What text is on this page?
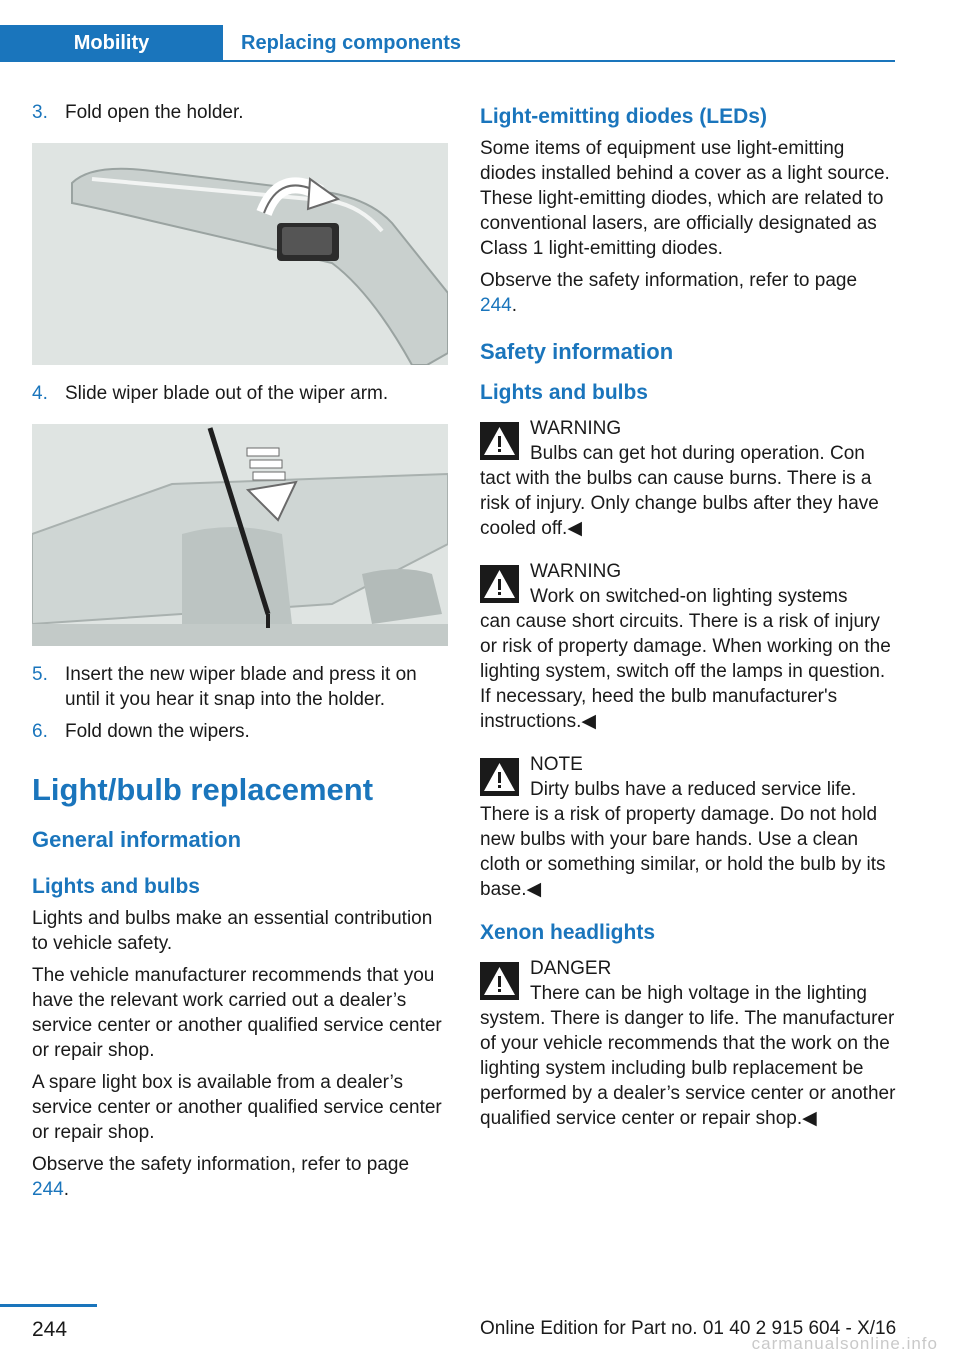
Mobility	Replacing components
3. Fold open the holder.
4. Slide wiper blade out of the wiper arm.
5. Insert the new wiper blade and press it on until it you hear it snap into the holder.
6. Fold down the wipers.
Light/bulb replacement
General information
Lights and bulbs

Lights and bulbs make an essential contribution to vehicle safety.

The vehicle manufacturer recommends that you have the relevant work carried out a dealer’s service center or another qualified service center or repair shop.

A spare light box is available from a dealer’s service center or another qualified service center or repair shop.

Observe the safety information, refer to page 244.

Light-emitting diodes (LEDs)

Some items of equipment use light-emitting diodes installed behind a cover as a light source. These light-emitting diodes, which are related to conventional lasers, are officially designated as Class 1 light-emitting diodes.

Observe the safety information, refer to page 244.

Safety information
Lights and bulbs
WARNING
Bulbs can get hot during operation. Con
tact with the bulbs can cause burns. There is a risk of injury. Only change bulbs after they have cooled off.◀
WARNING
Work on switched-on lighting systems
can cause short circuits. There is a risk of injury or risk of property damage. When working on the lighting system, switch off the lamps in question. If necessary, heed the bulb manufacturer's instructions.◀
NOTE
Dirty bulbs have a reduced service life.
There is a risk of property damage. Do not hold new bulbs with your bare hands. Use a clean cloth or something similar, or hold the bulb by its base.◀
Xenon headlights
DANGER
There can be high voltage in the lighting
system. There is danger to life. The manufacturer of your vehicle recommends that the work on the lighting system including bulb replacement be performed by a dealer’s service center or another qualified service center or repair shop.◀
244	Online Edition for Part no. 01 40 2 915 604 - X/16
carmanualsonline.info
